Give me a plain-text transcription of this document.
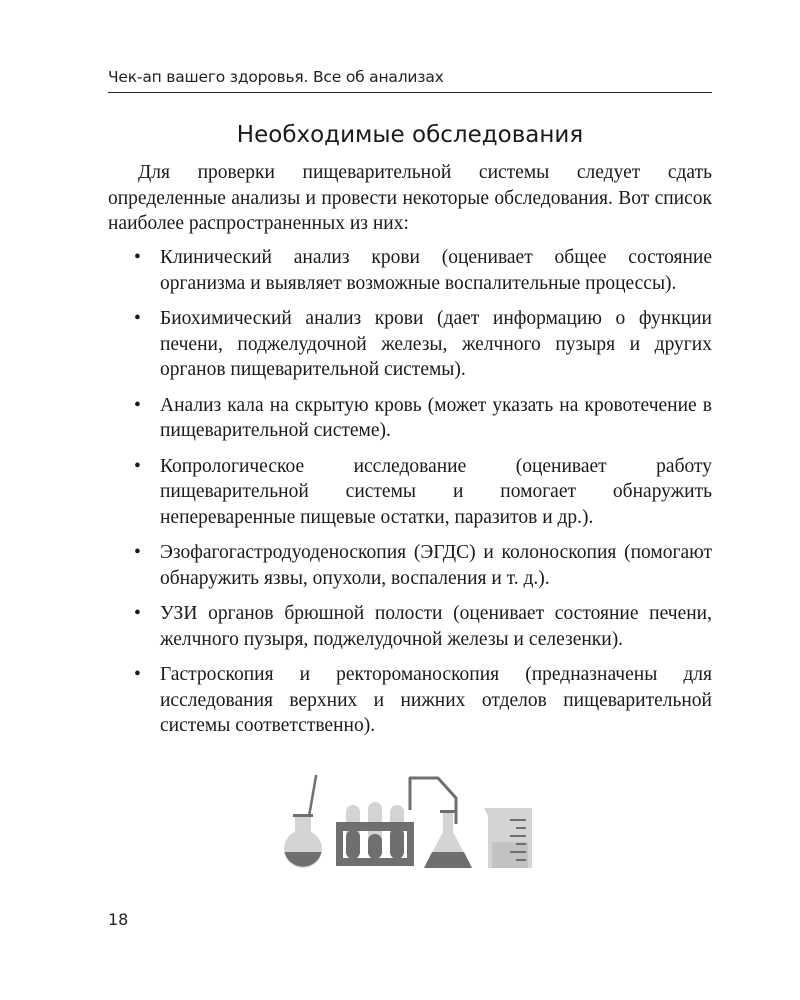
Чек-ап вашего здоровья. Все об анализах
Необходимые обследования

Для проверки пищеварительной системы следует сдать определенные анализы и провести некоторые обследования. Вот список наиболее распространенных из них:

• Клинический анализ крови (оценивает общее состояние организма и выявляет возможные воспалительные процессы).
• Биохимический анализ крови (дает информацию о функции печени, поджелудочной железы, желчного пузыря и других органов пищеварительной системы).
• Анализ кала на скрытую кровь (может указать на кровотечение в пищеварительной системе).
• Копрологическое исследование (оценивает работу пищеварительной системы и помогает обнаружить непереваренные пищевые остатки, паразитов и др.).
• Эзофагогастродуоденоскопия (ЭГДС) и колоноскопия (помогают обнаружить язвы, опухоли, воспаления и т. д.).
• УЗИ органов брюшной полости (оценивает состояние печени, желчного пузыря, поджелудочной железы и селезенки).
• Гастроскопия и ректороманоскопия (предназначены для исследования верхних и нижних отделов пищеварительной системы соответственно).
18
